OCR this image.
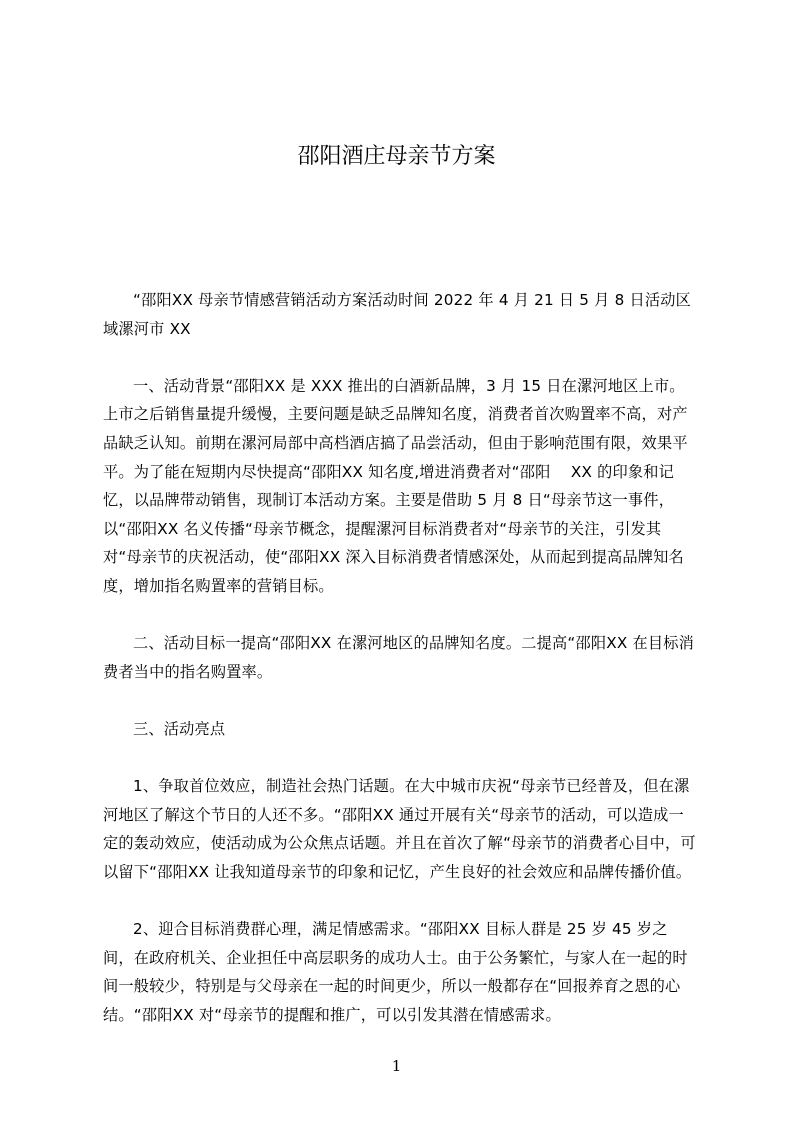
邵阳酒庄母亲节方案

“邵阳XX 母亲节情感营销活动方案活动时间 2022 年 4 月 21 日 5 月 8 日活动区域漯河市 XX

一、活动背景“邵阳XX 是 XXX 推出的白酒新品牌，3 月 15 日在漯河地区上市。上市之后销售量提升缓慢，主要问题是缺乏品牌知名度，消费者首次购置率不高，对产品缺乏认知。前期在漯河局部中高档酒店搞了品尝活动，但由于影响范围有限，效果平平。为了能在短期内尽快提高“邵阳XX 知名度,增进消费者对“邵阳　 XX 的印象和记忆，以品牌带动销售，现制订本活动方案。主要是借助 5 月 8 日“母亲节这一事件，以“邵阳XX 名义传播“母亲节概念，提醒漯河目标消费者对“母亲节的关注，引发其对“母亲节的庆祝活动，使“邵阳XX 深入目标消费者情感深处，从而起到提高品牌知名度，增加指名购置率的营销目标。

二、活动目标一提高“邵阳XX 在漯河地区的品牌知名度。二提高“邵阳XX 在目标消费者当中的指名购置率。

三、活动亮点

1、争取首位效应，制造社会热门话题。在大中城市庆祝“母亲节已经普及，但在漯河地区了解这个节日的人还不多。“邵阳XX 通过开展有关“母亲节的活动，可以造成一定的轰动效应，使活动成为公众焦点话题。并且在首次了解“母亲节的消费者心目中，可以留下“邵阳XX 让我知道母亲节的印象和记忆，产生良好的社会效应和品牌传播价值。

2、迎合目标消费群心理，满足情感需求。“邵阳XX 目标人群是 25 岁 45 岁之间，在政府机关、企业担任中高层职务的成功人士。由于公务繁忙，与家人在一起的时间一般较少，特别是与父母亲在一起的时间更少，所以一般都存在“回报养育之恩的心结。“邵阳XX 对“母亲节的提醒和推广，可以引发其潜在情感需求。

1
